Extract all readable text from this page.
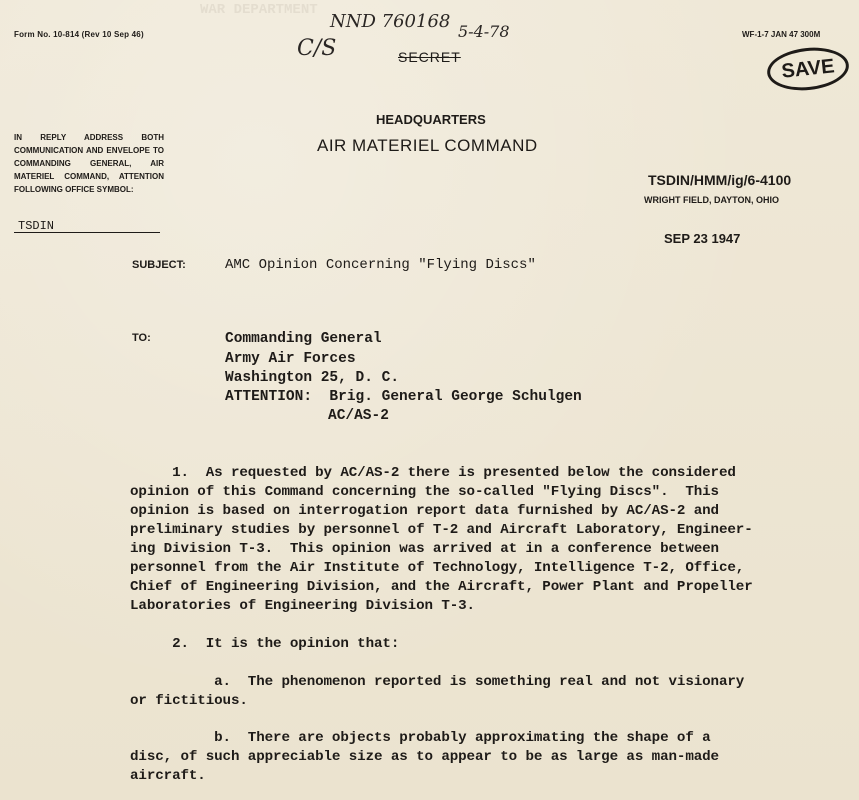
WAR DEPARTMENT
Form No. 10-814 (Rev 10 Sep 46)	WF-1-7 JAN 47 300M
NND 760168 5-4-78
C/S	SECRET	SAVE
HEADQUARTERS
AIR MATERIEL COMMAND
IN REPLY ADDRESS BOTH COMMUNICATION AND ENVELOPE TO COMMANDING GENERAL, AIR MATERIEL COMMAND, ATTENTION FOLLOWING OFFICE SYMBOL:
TSDIN
TSDIN/HMM/ig/6-4100
WRIGHT FIELD, DAYTON, OHIO
SEP 23 1947
SUBJECT:	AMC Opinion Concerning "Flying Discs"
TO:	Commanding General
Army Air Forces
Washington 25, D. C.
ATTENTION:  Brig. General George Schulgen
AC/AS-2
1.  As requested by AC/AS-2 there is presented below the considered
opinion of this Command concerning the so-called "Flying Discs".  This
opinion is based on interrogation report data furnished by AC/AS-2 and
preliminary studies by personnel of T-2 and Aircraft Laboratory, Engineer-
ing Division T-3.  This opinion was arrived at in a conference between
personnel from the Air Institute of Technology, Intelligence T-2, Office,
Chief of Engineering Division, and the Aircraft, Power Plant and Propeller
Laboratories of Engineering Division T-3.
2.  It is the opinion that:
a.  The phenomenon reported is something real and not visionary
or fictitious.
b.  There are objects probably approximating the shape of a
disc, of such appreciable size as to appear to be as large as man-made
aircraft.
